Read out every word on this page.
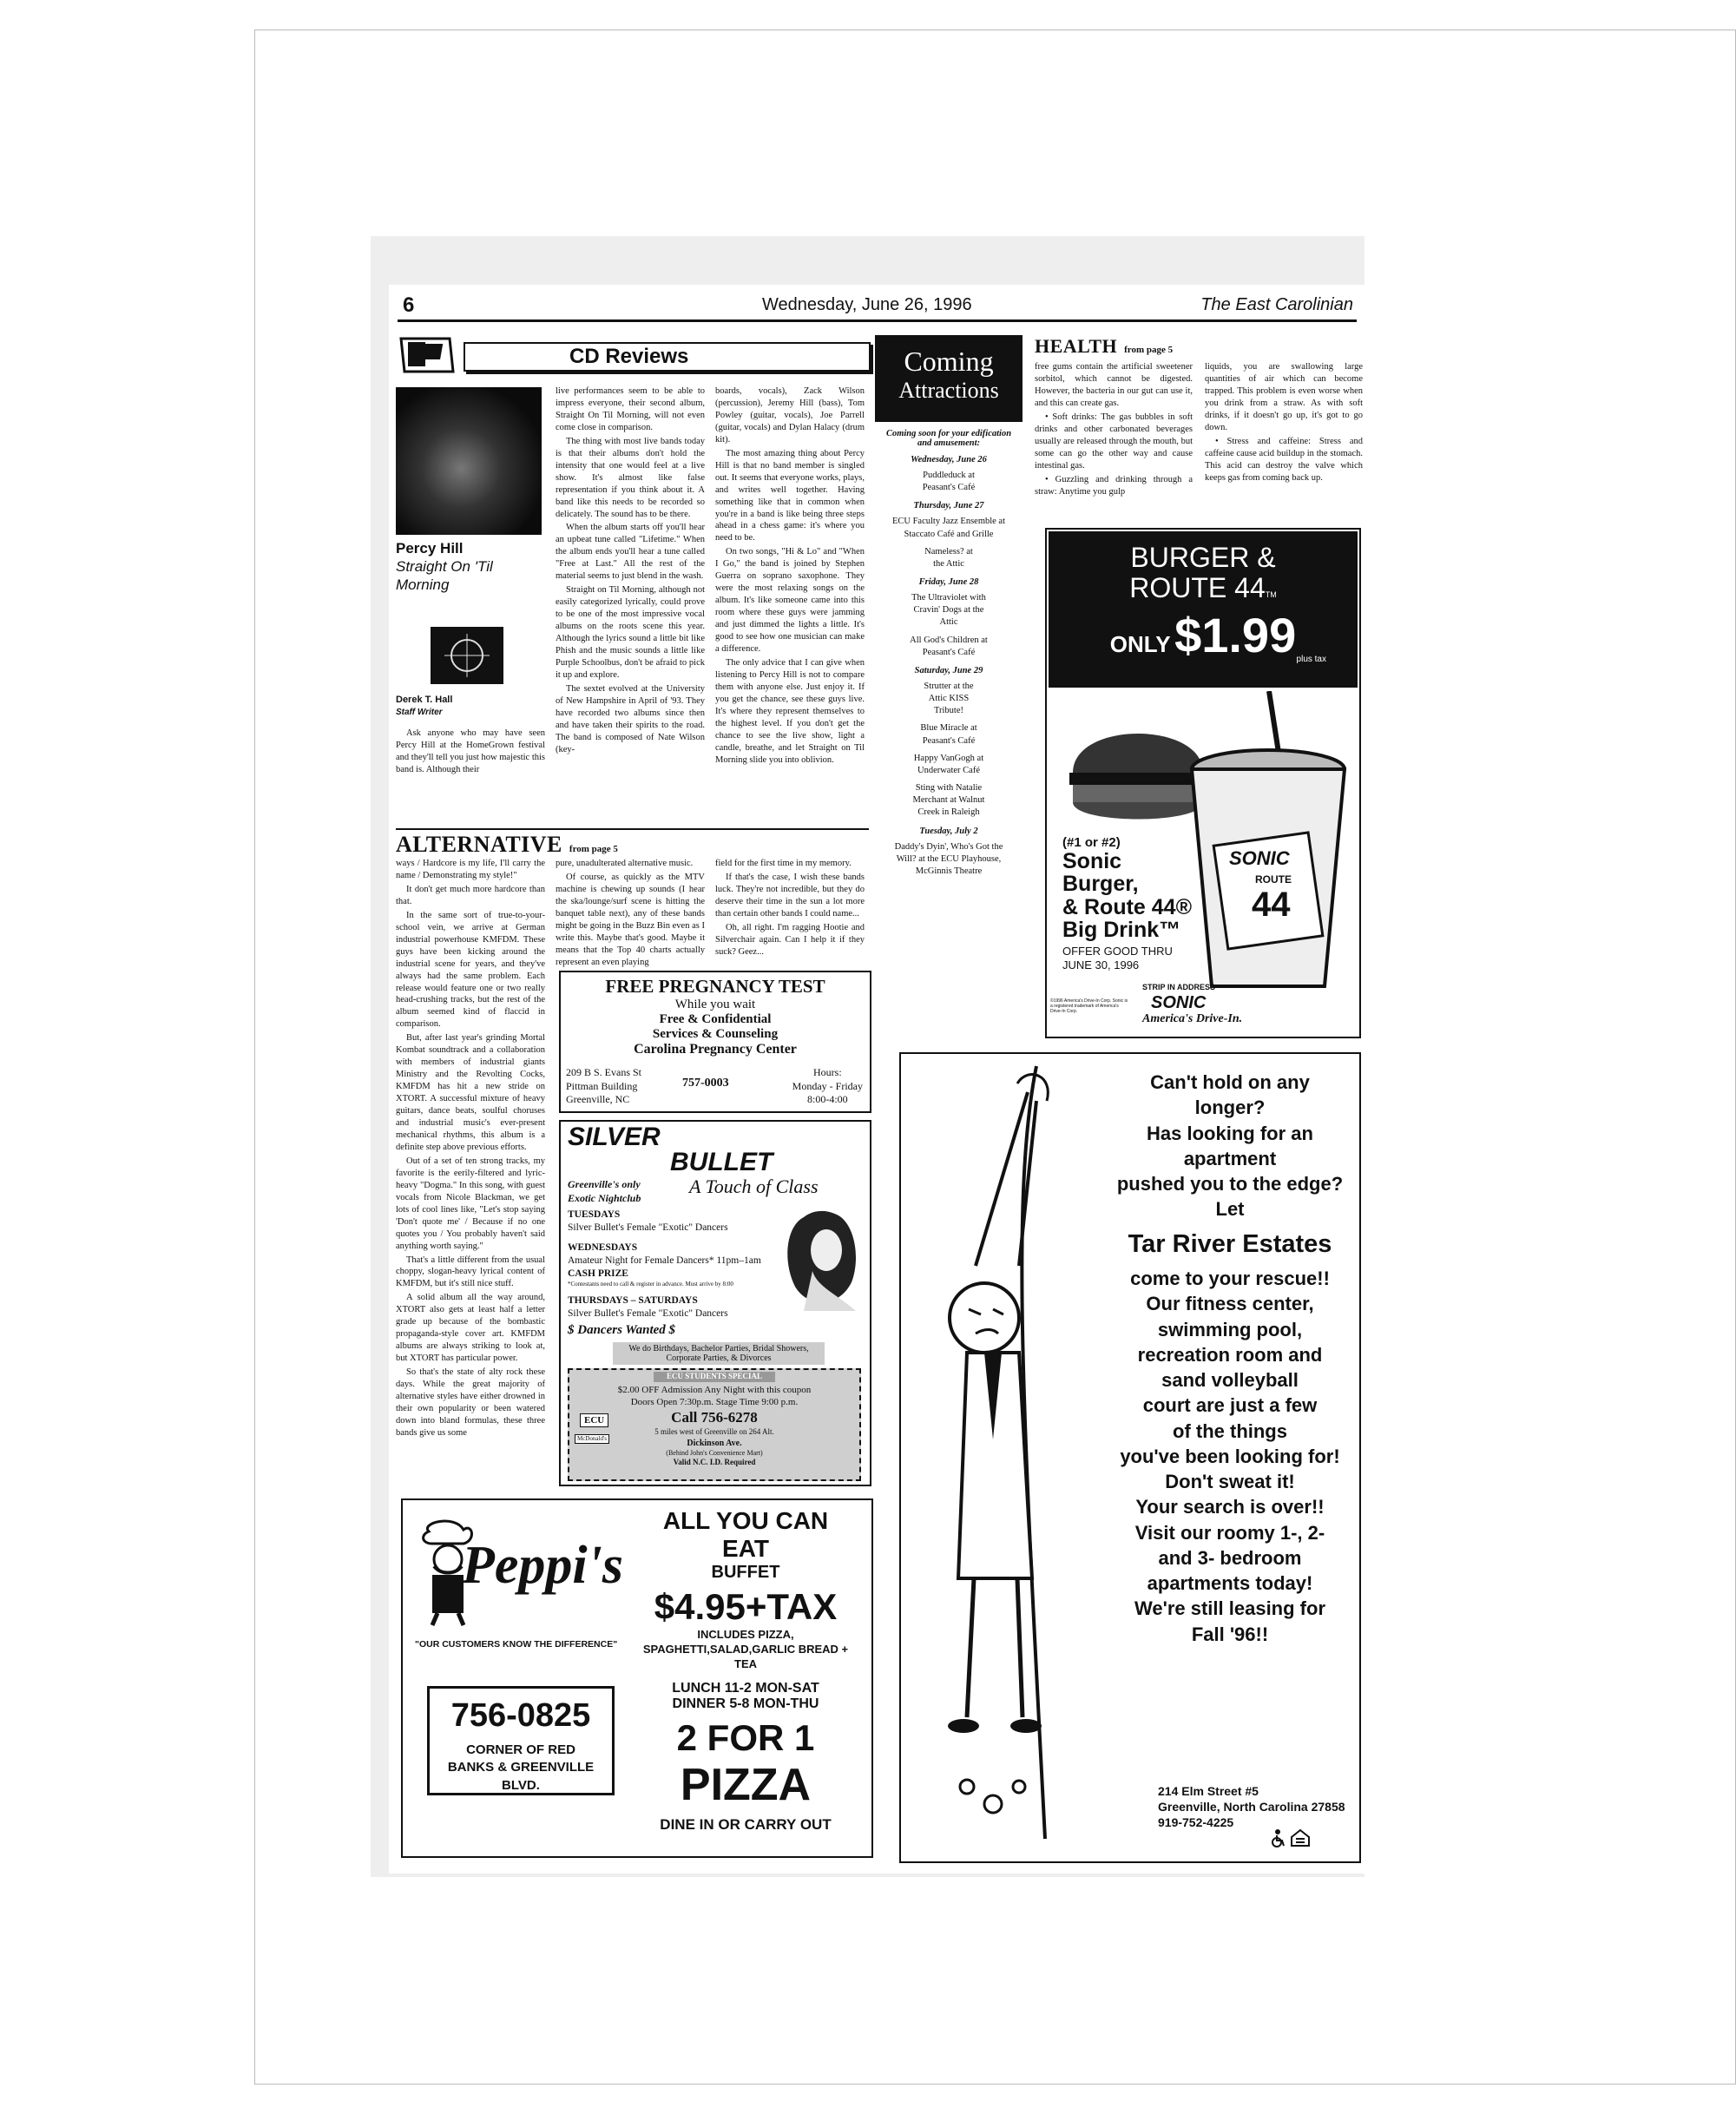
6	Wednesday, June 26, 1996	The East Carolinian
CD Reviews
Percy Hill
Straight On 'Til Morning
Derek T. Hall
Staff Writer

Ask anyone who may have seen Percy Hill at the HomeGrown festival and they'll tell you just how majestic this band is. Although their

live performances seem to be able to impress everyone, their second album, Straight On Til Morning, will not even come close in comparison.

The thing with most live bands today is that their albums don't hold the intensity that one would feel at a live show. It's almost like false representation if you think about it. A band like this needs to be recorded so delicately. The sound has to be there.

When the album starts off you'll hear an upbeat tune called "Lifetime." When the album ends you'll hear a tune called "Free at Last." All the rest of the material seems to just blend in the wash.

Straight on Til Morning, although not easily categorized lyrically, could prove to be one of the most impressive vocal albums on the roots scene this year. Although the lyrics sound a little bit like Phish and the music sounds a little like Purple Schoolbus, don't be afraid to pick it up and explore.

The sextet evolved at the University of New Hampshire in April of '93. They have recorded two albums since then and have taken their spirits to the road. The band is composed of Nate Wilson (key-

boards, vocals), Zack Wilson (percussion), Jeremy Hill (bass), Tom Powley (guitar, vocals), Joe Parrell (guitar, vocals) and Dylan Halacy (drum kit).

The most amazing thing about Percy Hill is that no band member is singled out. It seems that everyone works, plays, and writes well together. Having something like that in common when you're in a band is like being three steps ahead in a chess game: it's where you need to be.

On two songs, "Hi & Lo" and "When I Go," the band is joined by Stephen Guerra on soprano saxophone. They were the most relaxing songs on the album. It's like someone came into this room where these guys were jamming and just dimmed the lights a little. It's good to see how one musician can make a difference.

The only advice that I can give when listening to Percy Hill is not to compare them with anyone else. Just enjoy it. If you get the chance, see these guys live. It's where they represent themselves to the highest level. If you don't get the chance to see the live show, light a candle, breathe, and let Straight on Til Morning slide you into oblivion.

ALTERNATIVE from page 5

ways / Hardcore is my life, I'll carry the name / Demonstrating my style!"

It don't get much more hardcore than that.

In the same sort of true-to-your-school vein, we arrive at German industrial powerhouse KMFDM. These guys have been kicking around the industrial scene for years, and they've always had the same problem. Each release would feature one or two really head-crushing tracks, but the rest of the album seemed kind of flaccid in comparison.

But, after last year's grinding Mortal Kombat soundtrack and a collaboration with members of industrial giants Ministry and the Revolting Cocks, KMFDM has hit a new stride on XTORT. A successful mixture of heavy guitars, dance beats, soulful choruses and industrial music's ever-present mechanical rhythms, this album is a definite step above previous efforts.

Out of a set of ten strong tracks, my favorite is the eerily-filtered and lyric-heavy "Dogma." In this song, with guest vocals from Nicole Blackman, we get lots of cool lines like, "Let's stop saying 'Don't quote me' / Because if no one quotes you / You probably haven't said anything worth saying."

That's a little different from the usual choppy, slogan-heavy lyrical content of KMFDM, but it's still nice stuff.

A solid album all the way around, XTORT also gets at least half a letter grade up because of the bombastic propaganda-style cover art. KMFDM albums are always striking to look at, but XTORT has particular power.

So that's the state of alty rock these days. While the great majority of alternative styles have either drowned in their own popularity or been watered down into bland formulas, these three bands give us some

pure, unadulterated alternative music.

Of course, as quickly as the MTV machine is chewing up sounds (I hear the ska/lounge/surf scene is hitting the banquet table next), any of these bands might be going in the Buzz Bin even as I write this. Maybe that's good. Maybe it means that the Top 40 charts actually represent an even playing

field for the first time in my memory.

If that's the case, I wish these bands luck. They're not incredible, but they do deserve their time in the sun a lot more than certain other bands I could name...

Oh, all right. I'm ragging Hootie and Silverchair again. Can I help it if they suck? Geez...

FREE PREGNANCY TEST
While you wait
Free & Confidential
Services & Counseling
Carolina Pregnancy Center
209 B S. Evans St
Pittman Building
Greenville, NC
757-0003
Hours:
Monday - Friday
8:00-4:00
SILVER
BULLET
Greenville's only
Exotic Nightclub
A Touch of Class
TUESDAYS
Silver Bullet's Female "Exotic" Dancers
WEDNESDAYS
Amateur Night for Female Dancers* 11pm–1am
CASH PRIZE
*Contestants need to call & register in advance. Must arrive by 8:00
THURSDAYS – SATURDAYS
Silver Bullet's Female "Exotic" Dancers
$ Dancers Wanted $
We do Birthdays, Bachelor Parties, Bridal Showers, Corporate Parties, & Divorces
ECU STUDENTS SPECIAL
$2.00 OFF Admission Any Night with this coupon
Doors Open 7:30p.m. Stage Time 9:00 p.m.
Call 756-6278
5 miles west of Greenville on 264 Alt.
Dickinson Ave.
(Behind John's Convenience Mart)
Valid N.C. I.D. Required
ECU
McDonald's
Peppi's
"OUR CUSTOMERS KNOW THE DIFFERENCE"
756-0825
CORNER OF RED BANKS & GREENVILLE BLVD.
ALL YOU CAN EAT
BUFFET
$4.95+TAX
INCLUDES PIZZA, SPAGHETTI,SALAD,GARLIC BREAD + TEA
LUNCH 11-2 MON-SAT
DINNER 5-8 MON-THU
2 FOR 1
PIZZA
DINE IN OR CARRY OUT
Coming
Attractions
Coming soon for your edification and amusement:
Wednesday, June 26
Puddleduck at Peasant's Café
Thursday, June 27
ECU Faculty Jazz Ensemble at Staccato Café and Grille
Nameless? at the Attic
Friday, June 28
The Ultraviolet with Cravin' Dogs at the Attic
All God's Children at Peasant's Café
Saturday, June 29
Strutter at the Attic KISS Tribute!
Blue Miracle at Peasant's Café
Happy VanGogh at Underwater Café
Sting with Natalie Merchant at Walnut Creek in Raleigh
Tuesday, July 2
Daddy's Dyin', Who's Got the Will? at the ECU Playhouse, McGinnis Theatre
HEALTH from page 5

free gums contain the artificial sweetener sorbitol, which cannot be digested. However, the bacteria in our gut can use it, and this can create gas.

• Soft drinks: The gas bubbles in soft drinks and other carbonated beverages usually are released through the mouth, but some can go the other way and cause intestinal gas.

• Guzzling and drinking through a straw: Anytime you gulp

liquids, you are swallowing large quantities of air which can become trapped. This problem is even worse when you drink from a straw. As with soft drinks, if it doesn't go up, it's got to go down.

• Stress and caffeine: Stress and caffeine cause acid buildup in the stomach. This acid can destroy the valve which keeps gas from coming back up.

BURGER &
ROUTE 44TM
ONLY $1.99 plus tax
SONIC
ROUTE
44
(#1 or #2)
Sonic
Burger,
& Route 44®
Big Drink™
OFFER GOOD THRU JUNE 30, 1996
STRIP IN ADDRESS
SONIC
America's Drive-In.
©1996 America's Drive-In Corp. Sonic is a registered trademark of America's Drive-In Corp.
Can't hold on any
longer?
Has looking for an
apartment
pushed you to the edge?
Let
Tar River Estates
come to your rescue!!
Our fitness center,
swimming pool,
recreation room and
sand volleyball
court are just a few
of the things
you've been looking for!
Don't sweat it!
Your search is over!!
Visit our roomy 1-, 2-
and 3- bedroom
apartments today!
We're still leasing for
Fall '96!!
214 Elm Street #5
Greenville, North Carolina 27858
919-752-4225
